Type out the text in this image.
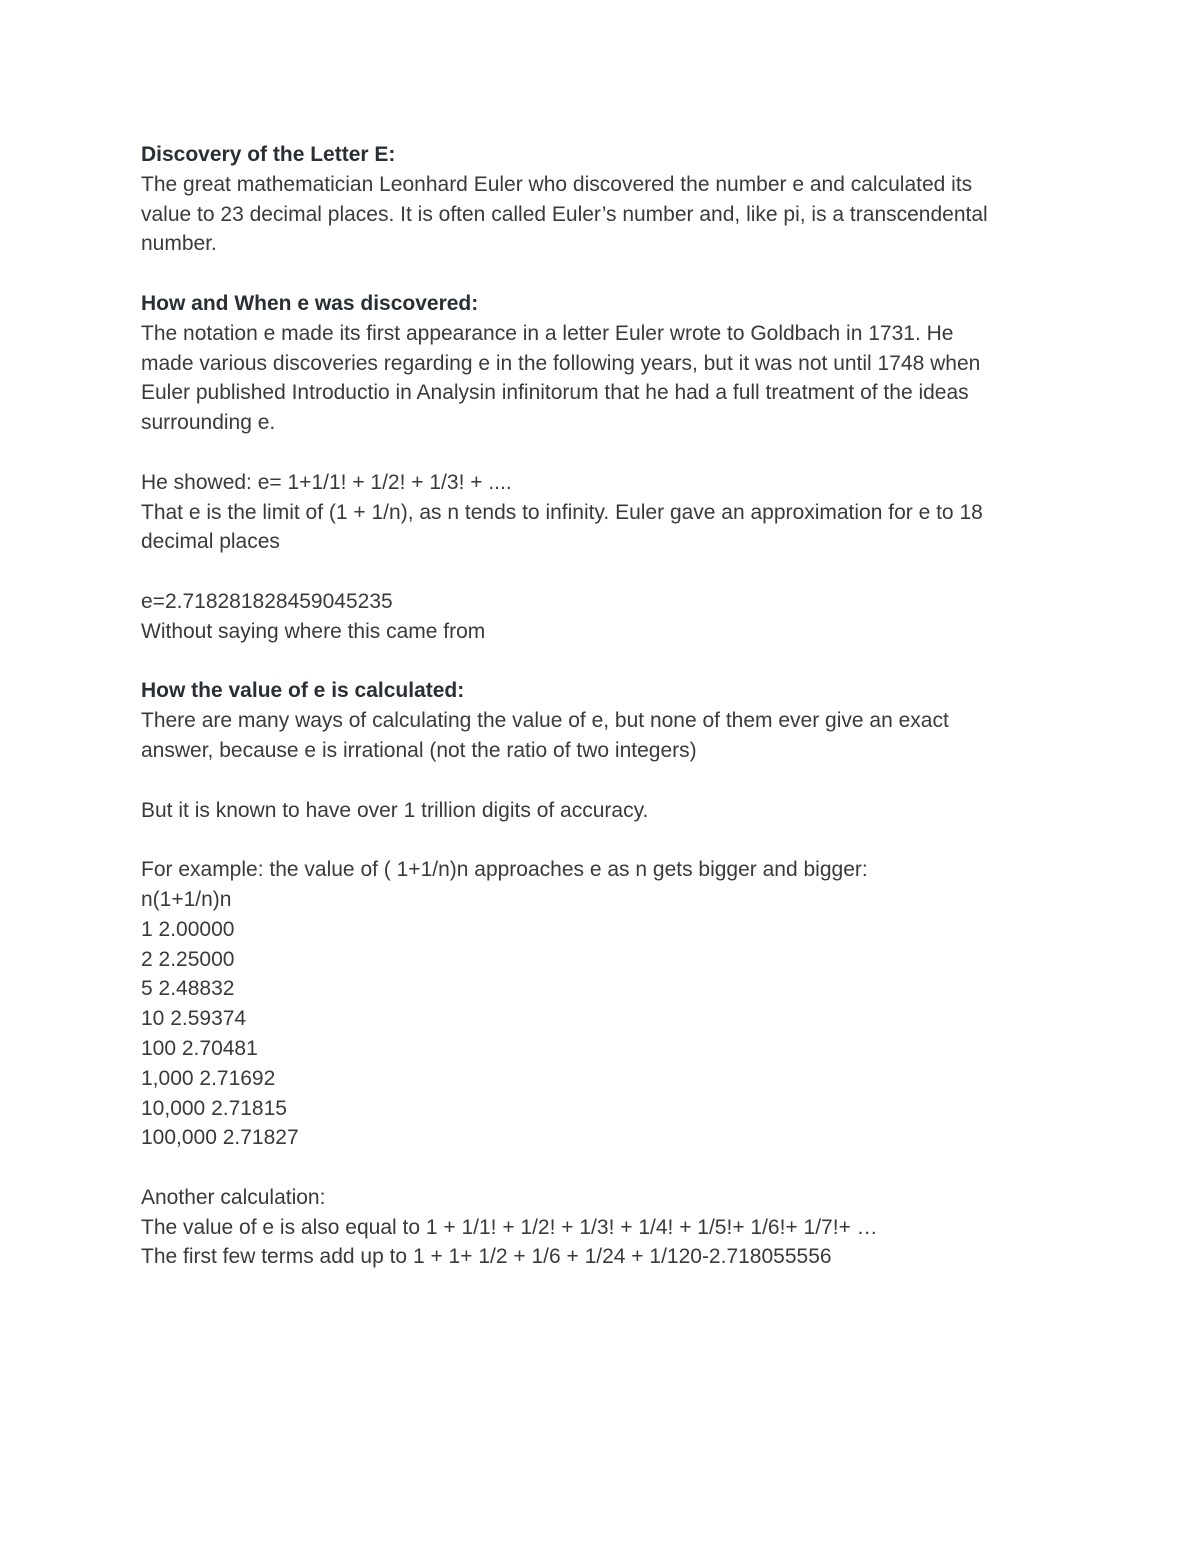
Discovery of the Letter E:

The great mathematician Leonhard Euler who discovered the number e and calculated its

value to 23 decimal places. It is often called Euler’s number and, like pi, is a transcendental

number.

How and When e was discovered:

The notation e made its first appearance in a letter Euler wrote to Goldbach in 1731. He

made various discoveries regarding e in the following years, but it was not until 1748 when

Euler published Introductio in Analysin infinitorum that he had a full treatment of the ideas

surrounding e.

He showed: e= 1+1/1! + 1/2! + 1/3! + ....

That e is the limit of (1 + 1/n), as n tends to infinity. Euler gave an approximation for e to 18

decimal places

e=2.718281828459045235

Without saying where this came from

How the value of e is calculated:

There are many ways of calculating the value of e, but none of them ever give an exact

answer, because e is irrational (not the ratio of two integers)

But it is known to have over 1 trillion digits of accuracy.

For example: the value of ( 1+1/n)n approaches e as n gets bigger and bigger:

n(1+1/n)n

1 2.00000

2 2.25000

5 2.48832

10 2.59374

100 2.70481

1,000 2.71692

10,000 2.71815

100,000 2.71827

Another calculation:

The value of e is also equal to 1 + 1/1! + 1/2! + 1/3! + 1/4! + 1/5!+ 1/6!+ 1/7!+ …

The first few terms add up to 1 + 1+ 1/2 + 1/6 + 1/24 + 1/120-2.718055556
